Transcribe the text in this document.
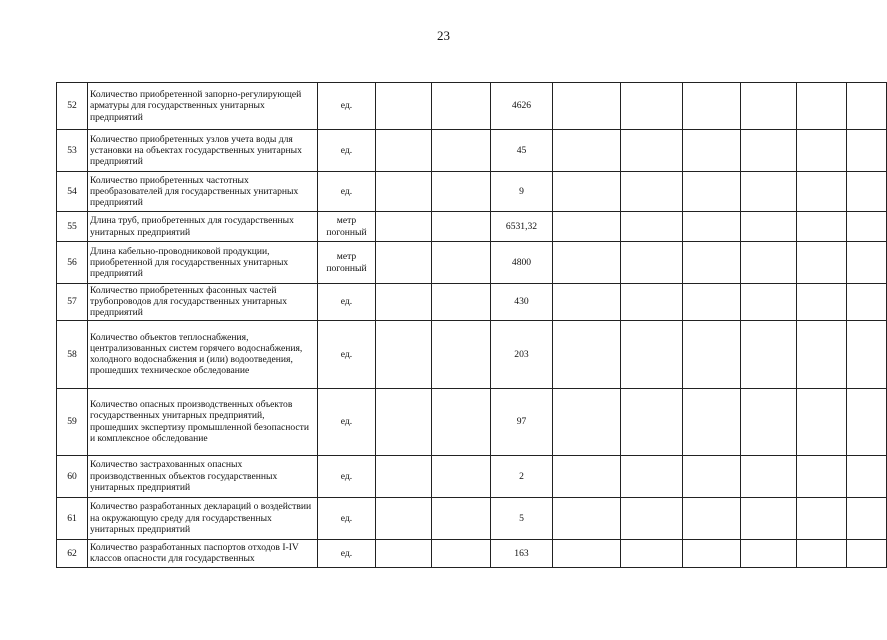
23
52	Количество приобретенной запорно-регулирующей арматуры для государственных унитарных предприятий	ед.			4626						
53	Количество приобретенных узлов учета воды для установки на объектах государственных унитарных предприятий	ед.			45						
54	Количество приобретенных частотных преобразователей для государственных унитарных предприятий	ед.			9						
55	Длина труб, приобретенных для государственных унитарных предприятий	метр погонный			6531,32						
56	Длина кабельно-проводниковой продукции, приобретенной для государственных унитарных предприятий	метр погонный			4800						
57	Количество приобретенных фасонных частей трубопроводов для государственных унитарных предприятий	ед.			430						
58	Количество объектов теплоснабжения, централизованных систем горячего водоснабжения, холодного водоснабжения и (или) водоотведения, прошедших техническое обследование	ед.			203						
59	Количество опасных производственных объектов государственных унитарных предприятий, прошедших экспертизу промышленной безопасности и комплексное обследование	ед.			97						
60	Количество застрахованных опасных производственных объектов государственных унитарных предприятий	ед.			2						
61	Количество разработанных деклараций о воздействии на окружающую среду для государственных унитарных предприятий	ед.			5						
62	Количество разработанных паспортов отходов I-IV классов опасности для государственных	ед.			163						
